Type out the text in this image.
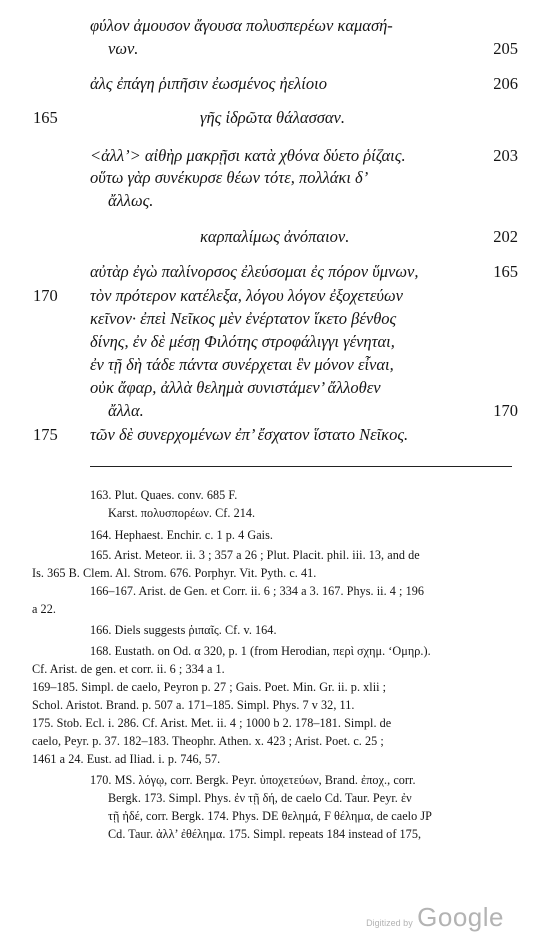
φύλον ἀμουσον ἄγουσα πολυσπερέων καμασή-
νων.	205
ἀλς ἐπάγη ῥιπῆσιν ἐωσμένος ἠελίοιο	206
165	γῆς ἱδρῶτα θάλασσαν.
<ἀλλ’> αἰθὴρ μακρῇσι κατὰ χθόνα δύετο ῥίζαις.	203
οὕτω γὰρ συνέκυρσε θέων τότε, πολλάκι δ’
ἄλλως.
καρπαλίμως ἀνόπαιον.	202
αὐτὰρ ἐγὼ παλίνορσος ἐλεύσομαι ἐς πόρον ὕμνων,	165
170 τὸν πρότερον κατέλεξα, λόγου λόγον ἐξοχετεύων
κεῖνον· ἐπεὶ Νεῖκος μὲν ἐνέρτατον ἵκετο βένθος
δίνης, ἐν δὲ μέσῃ Φιλότης στροφάλιγγι γένηται,
ἐν τῇ δὴ τάδε πάντα συνέρχεται ἓν μόνον εἶναι,
οὐκ ἄφαρ, ἀλλὰ θελημὰ συνιστάμεν’ ἄλλοθεν
ἄλλα.	170
175 τῶν δὲ συνερχομένων ἐπ’ ἔσχατον ἵστατο Νεῖκος.
163. Plut. Quaes. conv. 685 F.
Karst. πολυσπορέων. Cf. 214.
164. Hephaest. Enchir. c. 1 p. 4 Gais.
165. Arist. Meteor. ii. 3 ; 357 a 26 ; Plut. Placit. phil. iii. 13, and de
Is. 365 B. Clem. Al. Strom. 676. Porphyr. Vit. Pyth. c. 41.
166–167. Arist. de Gen. et Corr. ii. 6 ; 334 a 3. 167. Phys. ii. 4 ; 196
a 22.
166. Diels suggests ῥιπαῖς. Cf. v. 164.
168. Eustath. on Od. α 320, p. 1 (from Herodian, περὶ σχημ. ‘Ομηρ.).
Cf. Arist. de gen. et corr. ii. 6 ; 334 a 1.
169–185. Simpl. de caelo, Peyron p. 27 ; Gais. Poet. Min. Gr. ii. p. xlii ;
Schol. Aristot. Brand. p. 507 a. 171–185. Simpl. Phys. 7 v 32, 11.
175. Stob. Ecl. i. 286. Cf. Arist. Met. ii. 4 ; 1000 b 2. 178–181. Simpl. de
caelo, Peyr. p. 37. 182–183. Theophr. Athen. x. 423 ; Arist. Poet. c. 25 ;
1461 a 24. Eust. ad Iliad. i. p. 746, 57.
170. MS. λόγῳ, corr. Bergk. Peyr. ὑποχετεύων, Brand. ἐποχ., corr.
Bergk. 173. Simpl. Phys. ἐν τῇ δή, de caelo Cd. Taur. Peyr. ἐν
τῇ ἠδέ, corr. Bergk. 174. Phys. DE θελημά, F θέλημα, de caelo JP
Cd. Taur. ἀλλ’ ἐθέλημα. 175. Simpl. repeats 184 instead of 175,
Digitized by Google
